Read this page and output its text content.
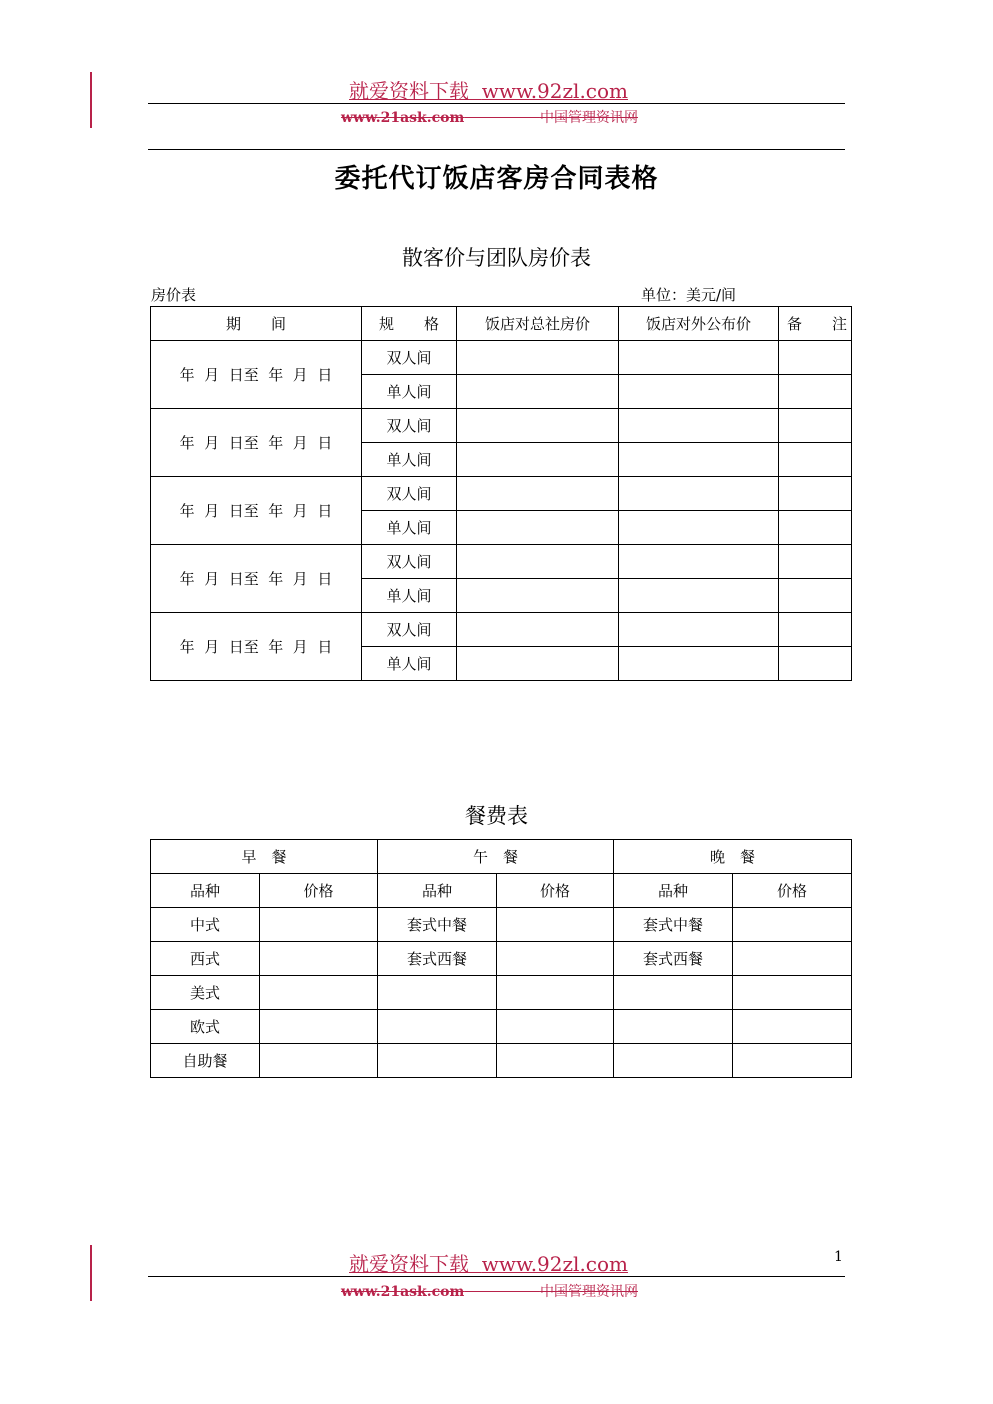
就爱资料下载 www.92zl.com
www.21ask.com	中国管理资讯网
委托代订饭店客房合同表格
散客价与团队房价表
房价表	单位：美元/间
期　　间	规　　格	饭店对总社房价	饭店对外公布价	备　　注
年  月  日至  年  月  日	双人间			
	单人间			
年  月  日至  年  月  日	双人间			
	单人间			
年  月  日至  年  月  日	双人间			
	单人间			
年  月  日至  年  月  日	双人间			
	单人间			
年  月  日至  年  月  日	双人间			
	单人间			
餐费表
早　餐		午　餐		晚　餐	
品种	价格	品种	价格	品种	价格
中式		套式中餐		套式中餐	
西式		套式西餐		套式西餐	
美式					
欧式					
自助餐					
就爱资料下载 www.92zl.com	1
www.21ask.com	中国管理资讯网
